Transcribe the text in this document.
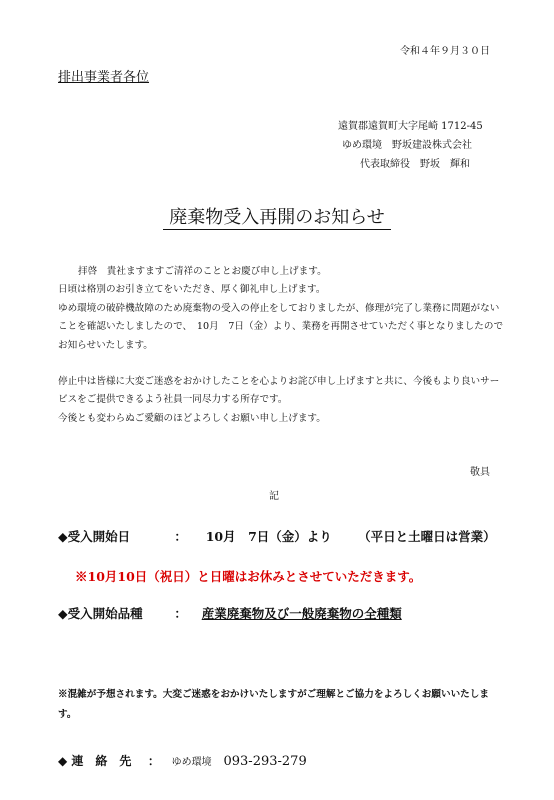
令和４年９月３０日
排出事業者各位
遠賀郡遠賀町大字尾崎 1712-45
ゆめ環境　野坂建設株式会社
代表取締役　野坂　輝和
廃棄物受入再開のお知らせ
拝啓　貴社ますますご清祥のこととお慶び申し上げます。
日頃は格別のお引き立てをいただき、厚く御礼申し上げます。
ゆめ環境の破砕機故障のため廃棄物の受入の停止をしておりましたが、修理が完了し業務に問題がないことを確認いたしましたので、　10月　7日（金）より、業務を再開させていただく事となりましたのでお知らせいたします。
停止中は皆様に大変ご迷惑をおかけしたことを心よりお詫び申し上げますと共に、今後もより良いサービスをご提供できるよう社員一同尽力する所存です。
今後とも変わらぬご愛顧のほどよろしくお願い申し上げます。
敬具
記
◆受入開始日	： 10月　7日（金）より （平日と土曜日は営業）
※10月10日（祝日）と日曜はお休みとさせていただきます。
◆受入開始品種	： 産業廃棄物及び一般廃棄物の全種類
※混雑が予想されます。大変ご迷惑をおかけいたしますがご理解とご協力をよろしくお願いいたします。
◆ 連　絡　先 ： ゆめ環境 093-293-279
